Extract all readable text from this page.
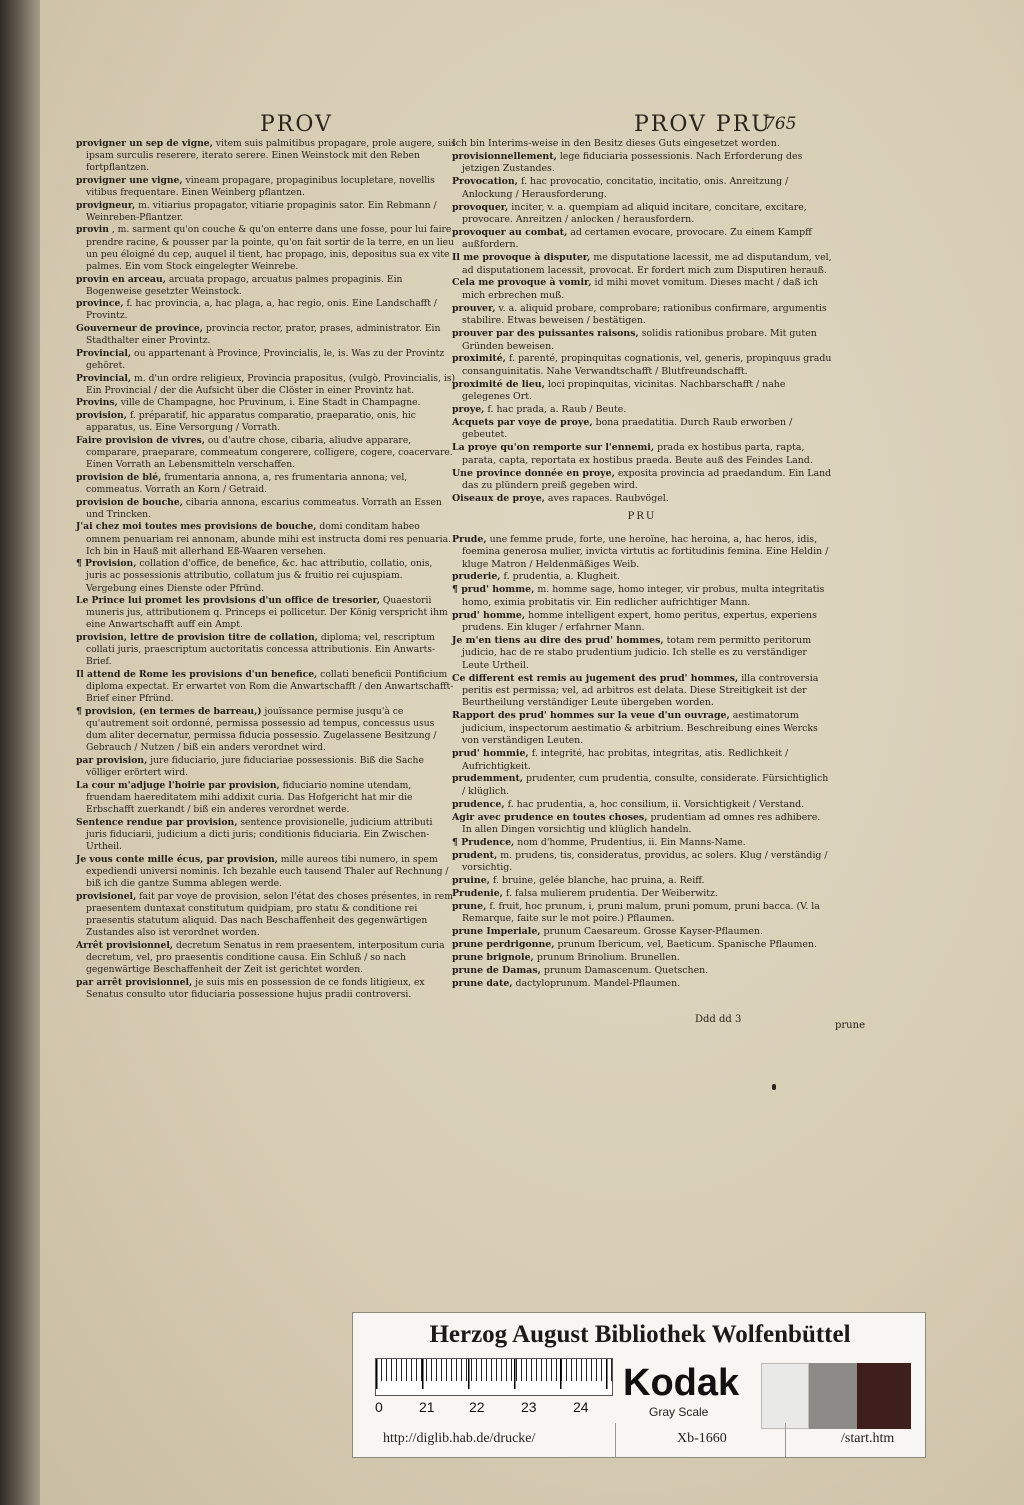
PROV	PROV PRU
765
provigner un sep de vigne, vitem suis palmitibus propagare, prole augere, suis ipsam surculis reserere, iterato serere. Einen Weinstock mit den Reben fortpflantzen.
provigner une vigne, vineam propagare, propaginibus locupletare, novellis vitibus frequentare. Einen Weinberg pflantzen.
provigneur, m. vitiarius propagator, vitiarie propaginis sator. Ein Rebmann / Weinreben-Pflantzer.
provin , m. sarment qu'on couche & qu'on enterre dans une fosse, pour lui faire prendre racine, & pousser par la pointe, qu'on fait sortir de la terre, en un lieu un peu éloigné du cep, auquel il tient, hac propago, inis, depositus sua ex vite palmes. Ein vom Stock eingelegter Weinrebe.
provin en arceau, arcuata propago, arcuatus palmes propaginis. Ein Bogenweise gesetzter Weinstock.
province, f. hac provincia, a, hac plaga, a, hac regio, onis. Eine Landschafft / Provintz.
Gouverneur de province, provincia rector, prator, prases, administrator. Ein Stadthalter einer Provintz.
Provincial, ou appartenant à Province, Provincialis, le, is. Was zu der Provintz gehöret.
Provincial, m. d'un ordre religieux, Provincia prapositus, (vulgò, Provincialis, is) Ein Provincial / der die Aufsicht über die Clöster in einer Provintz hat.
Provins, ville de Champagne, hoc Pruvinum, i. Eine Stadt in Champagne.
provision, f. préparatif, hic apparatus comparatio, praeparatio, onis, hic apparatus, us. Eine Versorgung / Vorrath.
Faire provision de vivres, ou d'autre chose, cibaria, aliudve apparare, comparare, praeparare, commeatum congerere, colligere, cogere, coacervare. Einen Vorrath an Lebensmitteln verschaffen.
provision de blé, frumentaria annona, a, res frumentaria annona; vel, commeatus. Vorrath an Korn / Getraid.
provision de bouche, cibaria annona, escarius commeatus. Vorrath an Essen und Trincken.
J'ai chez moi toutes mes provisions de bouche, domi conditam habeo omnem penuariam rei annonam, abunde mihi est instructa domi res penuaria. Ich bin in Hauß mit allerhand Eß-Waaren versehen.
¶ Provision, collation d'office, de benefice, &c. hac attributio, collatio, onis, juris ac possessionis attributio, collatum jus & fruitio rei cujuspiam. Vergebung eines Dienste oder Pfründ.
Le Prince lui promet les provisions d'un office de tresorier, Quaestorii muneris jus, attributionem q. Princeps ei pollicetur. Der König verspricht ihm eine Anwartschafft auff ein Ampt.
provision, lettre de provision titre de collation, diploma; vel, rescriptum collati juris, praescriptum auctoritatis concessa attributionis. Ein Anwarts-Brief.
Il attend de Rome les provisions d'un benefice, collati beneficii Pontificium diploma expectat. Er erwartet von Rom die Anwartschafft / den Anwartschafft-Brief einer Pfründ.
¶ provision, (en termes de barreau,) jouïssance permise jusqu'à ce qu'autrement soit ordonné, permissa possessio ad tempus, concessus usus dum aliter decernatur, permissa fiducia possessio. Zugelassene Besitzung / Gebrauch / Nutzen / biß ein anders verordnet wird.
par provision, jure fiduciario, jure fiduciariae possessionis. Biß die Sache völliger erörtert wird.
La cour m'adjuge l'hoirie par provision, fiduciario nomine utendam, fruendam haereditatem mihi addixit curia. Das Hofgericht hat mir die Erbschafft zuerkandt / biß ein anderes verordnet werde.
Sentence rendue par provision, sentence provisionelle, judicium attributi juris fiduciarii, judicium a dicti juris; conditionis fiduciaria. Ein Zwischen-Urtheil.
Je vous conte mille écus, par provision, mille aureos tibi numero, in spem expediendi universi nominis. Ich bezahle euch tausend Thaler auf Rechnung / biß ich die gantze Summa ablegen werde.
provisionel, fait par voye de provision, selon l'état des choses présentes, in rem praesentem duntaxat constitutum quidpiam, pro statu & conditione rei praesentis statutum aliquid. Das nach Beschaffenheit des gegenwärtigen Zustandes also ist verordnet worden.
Arrêt provisionnel, decretum Senatus in rem praesentem, interpositum curia decretum, vel, pro praesentis conditione causa. Ein Schluß / so nach gegenwärtige Beschaffenheit der Zeit ist gerichtet worden.
par arrêt provisionnel, je suis mis en possession de ce fonds litigieux, ex Senatus consulto utor fiduciaria possessione hujus pradii controversi.
Ich bin Interims-weise in den Besitz dieses Guts eingesetzet worden.
provisionnellement, lege fiduciaria possessionis. Nach Erforderung des jetzigen Zustandes.
Provocation, f. hac provocatio, concitatio, incitatio, onis. Anreitzung / Anlockung / Herausforderung.
provoquer, inciter, v. a. quempiam ad aliquid incitare, concitare, excitare, provocare. Anreitzen / anlocken / herausfordern.
provoquer au combat, ad certamen evocare, provocare. Zu einem Kampff außfordern.
Il me provoque à disputer, me disputatione lacessit, me ad disputandum, vel, ad disputationem lacessit, provocat. Er fordert mich zum Disputiren herauß.
Cela me provoque à vomir, id mihi movet vomitum. Dieses macht / daß ich mich erbrechen muß.
prouver, v. a. aliquid probare, comprobare; rationibus confirmare, argumentis stabilire. Etwas beweisen / bestätigen.
prouver par des puissantes raisons, solidis rationibus probare. Mit guten Gründen beweisen.
proximité, f. parenté, propinquitas cognationis, vel, generis, propinquus gradu consanguinitatis. Nahe Verwandtschafft / Blutfreundschafft.
proximité de lieu, loci propinquitas, vicinitas. Nachbarschafft / nahe gelegenes Ort.
proye, f. hac prada, a. Raub / Beute.
Acquets par voye de proye, bona praedatitia. Durch Raub erworben / gebeutet.
La proye qu'on remporte sur l'ennemi, prada ex hostibus parta, rapta, parata, capta, reportata ex hostibus praeda. Beute auß des Feindes Land.
Une province donnée en proye, exposita provincia ad praedandum. Ein Land das zu plündern preiß gegeben wird.
Oiseaux de proye, aves rapaces. Raubvögel.
PRU
Prude, une femme prude, forte, une heroïne, hac heroina, a, hac heros, idis, foemina generosa mulier, invicta virtutis ac fortitudinis femina. Eine Heldin / kluge Matron / Heldenmäßiges Weib.
pruderie, f. prudentia, a. Klugheit.
¶ prud' homme, m. homme sage, homo integer, vir probus, multa integritatis homo, eximia probitatis vir. Ein redlicher aufrichtiger Mann.
prud' homme, homme intelligent expert, homo peritus, expertus, experiens prudens. Ein kluger / erfahrner Mann.
Je m'en tiens au dire des prud' hommes, totam rem permitto peritorum judicio, hac de re stabo prudentium judicio. Ich stelle es zu verständiger Leute Urtheil.
Ce different est remis au jugement des prud' hommes, illa controversia peritis est permissa; vel, ad arbitros est delata. Diese Streitigkeit ist der Beurtheilung verständiger Leute übergeben worden.
Rapport des prud' hommes sur la veue d'un ouvrage, aestimatorum judicium, inspectorum aestimatio & arbitrium. Beschreibung eines Wercks von verständigen Leuten.
prud' hommie, f. integrité, hac probitas, integritas, atis. Redlichkeit / Aufrichtigkeit.
prudemment, prudenter, cum prudentia, consulte, considerate. Fürsichtiglich / klüglich.
prudence, f. hac prudentia, a, hoc consilium, ii. Vorsichtigkeit / Verstand.
Agir avec prudence en toutes choses, prudentiam ad omnes res adhibere. In allen Dingen vorsichtig und klüglich handeln.
¶ Prudence, nom d'homme, Prudentius, ii. Ein Manns-Name.
prudent, m. prudens, tis, consideratus, providus, ac solers. Klug / verständig / vorsichtig.
pruine, f. bruine, gelée blanche, hac pruina, a. Reiff.
Prudenie, f. falsa mulierem prudentia. Der Weiberwitz.
prune, f. fruit, hoc prunum, i, pruni malum, pruni pomum, pruni bacca. (V. la Remarque, faite sur le mot poire.) Pflaumen.
prune Imperiale, prunum Caesareum. Grosse Kayser-Pflaumen.
prune perdrigonne, prunum Ibericum, vel, Baeticum. Spanische Pflaumen.
prune brignole, prunum Brinolium. Brunellen.
prune de Damas, prunum Damascenum. Quetschen.
prune date, dactyloprunum. Mandel-Pflaumen.
Ddd dd 3
prune
Herzog August Bibliothek Wolfenbüttel
0	21 22	23	24
Kodak
Gray Scale
http://diglib.hab.de/drucke/	Xb-1660	/start.htm
